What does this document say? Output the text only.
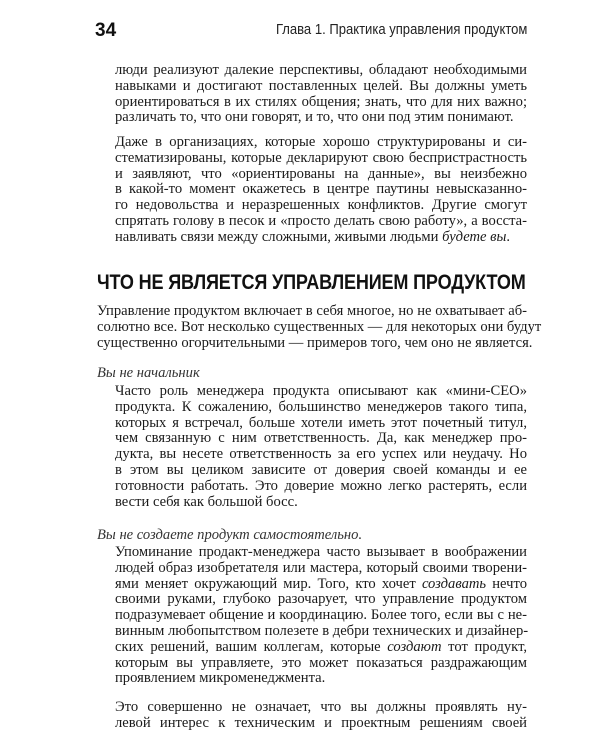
34	Глава 1. Практика управления продуктом
люди реализуют далекие перспективы, обладают необходимыми
навыками и достигают поставленных целей. Вы должны уметь
ориентироваться в их стилях общения; знать, что для них важно;
различать то, что они говорят, и то, что они под этим понимают.
Даже в организациях, которые хорошо структурированы и си-
стематизированы, которые декларируют свою беспристрастность
и заявляют, что «ориентированы на данные», вы неизбежно
в какой-то момент окажетесь в центре паутины невысказанно-
го недовольства и неразрешенных конфликтов. Другие смогут
спрятать голову в песок и «просто делать свою работу», а восста-
навливать связи между сложными, живыми людьми будете вы.
ЧТО НЕ ЯВЛЯЕТСЯ УПРАВЛЕНИЕМ ПРОДУКТОМ
Управление продуктом включает в себя многое, но не охватывает аб-
солютно все. Вот несколько существенных — для некоторых они будут
существенно огорчительными — примеров того, чем оно не является.
Вы не начальник
Часто роль менеджера продукта описывают как «мини-CEO»
продукта. К сожалению, большинство менеджеров такого типа,
которых я встречал, больше хотели иметь этот почетный титул,
чем связанную с ним ответственность. Да, как менеджер про-
дукта, вы несете ответственность за его успех или неудачу. Но
в этом вы целиком зависите от доверия своей команды и ее
готовности работать. Это доверие можно легко растерять, если
вести себя как большой босс.
Вы не создаете продукт самостоятельно.
Упоминание продакт-менеджера часто вызывает в воображении
людей образ изобретателя или мастера, который своими творени-
ями меняет окружающий мир. Того, кто хочет создавать нечто
своими руками, глубоко разочарует, что управление продуктом
подразумевает общение и координацию. Более того, если вы с не-
винным любопытством полезете в дебри технических и дизайнер-
ских решений, вашим коллегам, которые создают тот продукт,
которым вы управляете, это может показаться раздражающим
проявлением микроменеджмента.
Это совершенно не означает, что вы должны проявлять ну-
левой интерес к техническим и проектным решениям своей
